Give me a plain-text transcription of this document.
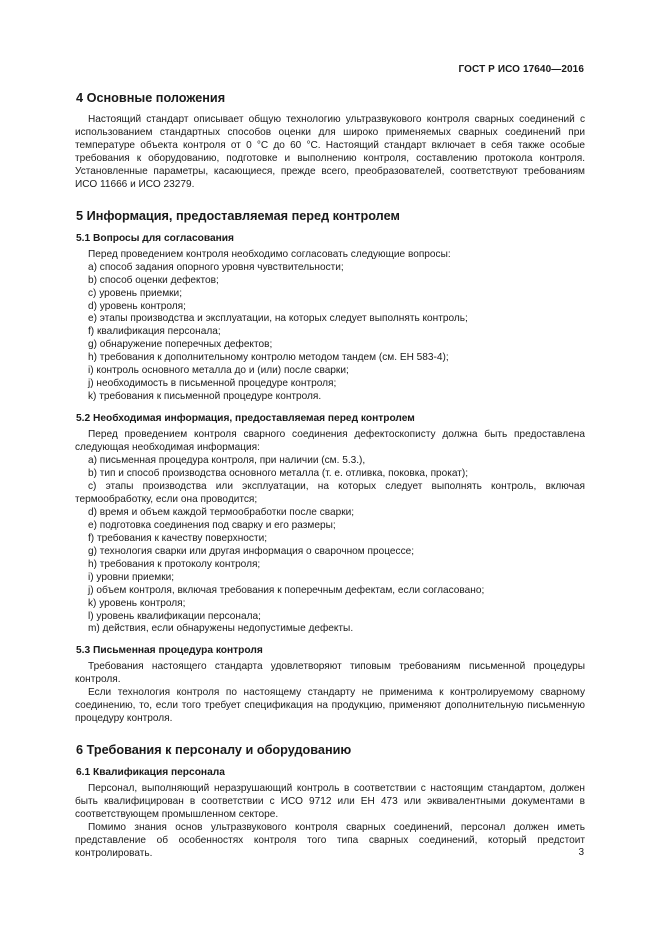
ГОСТ Р ИСО 17640—2016
4 Основные положения

Настоящий стандарт описывает общую технологию ультразвукового контроля сварных соединений с использованием стандартных способов оценки для широко применяемых сварных соединений при температуре объекта контроля от 0 °С до 60 °С. Настоящий стандарт включает в себя также особые требования к оборудованию, подготовке и выполнению контроля, составлению протокола контроля. Установленные параметры, касающиеся, прежде всего, преобразователей, соответствуют требованиям ИСО 11666 и ИСО 23279.

5 Информация, предоставляемая перед контролем
5.1 Вопросы для согласования

Перед проведением контроля необходимо согласовать следующие вопросы:

a) способ задания опорного уровня чувствительности;

b) способ оценки дефектов;

c) уровень приемки;

d) уровень контроля;

e) этапы производства и эксплуатации, на которых следует выполнять контроль;

f) квалификация персонала;

g) обнаружение поперечных дефектов;

h) требования к дополнительному контролю методом тандем (см. ЕН 583-4);

i) контроль основного металла до и (или) после сварки;

j) необходимость в письменной процедуре контроля;

k) требования к письменной процедуре контроля.

5.2 Необходимая информация, предоставляемая перед контролем

Перед проведением контроля сварного соединения дефектоскописту должна быть предоставлена следующая необходимая информация:

a) письменная процедура контроля, при наличии (см. 5.3.),

b) тип и способ производства основного металла (т. е. отливка, поковка, прокат);

c) этапы производства или эксплуатации, на которых следует выполнять контроль, включая термообработку, если она проводится;

d) время и объем каждой термообработки после сварки;

e) подготовка соединения под сварку и его размеры;

f) требования к качеству поверхности;

g) технология сварки или другая информация о сварочном процессе;

h) требования к протоколу контроля;

i) уровни приемки;

j) объем контроля, включая требования к поперечным дефектам, если согласовано;

k) уровень контроля;

l) уровень квалификации персонала;

m) действия, если обнаружены недопустимые дефекты.

5.3 Письменная процедура контроля

Требования настоящего стандарта удовлетворяют типовым требованиям письменной процедуры контроля.

Если технология контроля по настоящему стандарту не применима к контролируемому сварному соединению, то, если того требует спецификация на продукцию, применяют дополнительную письменную процедуру контроля.

6 Требования к персоналу и оборудованию
6.1 Квалификация персонала

Персонал, выполняющий неразрушающий контроль в соответствии с настоящим стандартом, должен быть квалифицирован в соответствии с ИСО 9712 или ЕН 473 или эквивалентными документами в соответствующем промышленном секторе.

Помимо знания основ ультразвукового контроля сварных соединений, персонал должен иметь представление об особенностях контроля того типа сварных соединений, который предстоит контролировать.	3
